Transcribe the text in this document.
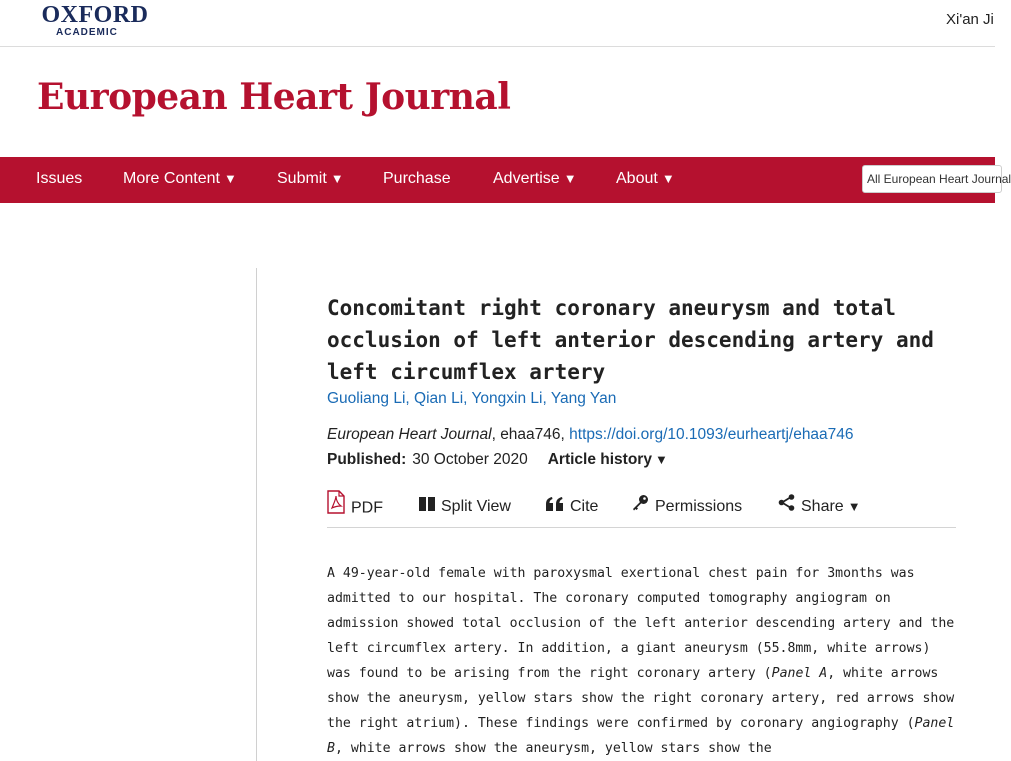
OXFORD
ACADEMIC
Xi'an Ji
European Heart Journal
Issues	More Content ▼	Submit ▼ Purchase	Advertise ▼ About ▼	All European Heart Journal
Concomitant right coronary aneurysm and total
occlusion of left anterior descending artery and
left circumflex artery
Guoliang Li, Qian Li, Yongxin Li, Yang Yan
European Heart Journal, ehaa746, https://doi.org/10.1093/eurheartj/ehaa746
Published: 30 October 2020 Article history ▼
PDF	Split View	Cite	Permissions	Share ▼

A 49-year-old female with paroxysmal exertional chest pain for 3months was admitted to our hospital. The coronary computed tomography angiogram on admission showed total occlusion of the left anterior descending artery and the left circumflex artery. In addition, a giant aneurysm (55.8mm, white arrows) was found to be arising from the right coronary artery (Panel A, white arrows show the aneurysm, yellow stars show the right coronary artery, red arrows show the right atrium). These findings were confirmed by coronary angiography (Panel B, white arrows show the aneurysm, yellow stars show the
